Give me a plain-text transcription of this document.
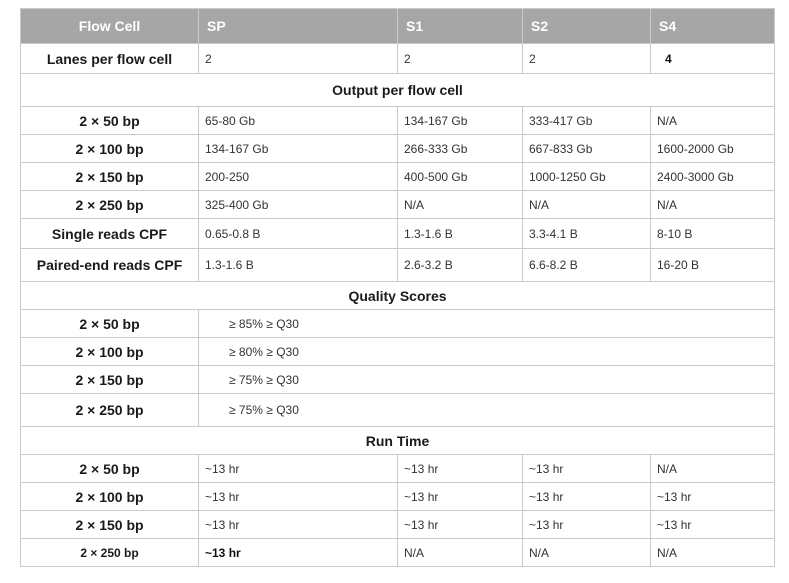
Flow Cell	SP	S1	S2	S4
Lanes per flow cell	2	2	2	4
Output per flow cell				
2 × 50 bp	65-80 Gb	134-167 Gb	333-417 Gb	N/A
2 × 100 bp	134-167 Gb	266-333 Gb	667-833 Gb	1600-2000 Gb
2 × 150 bp	200-250	400-500 Gb	1000-1250 Gb	2400-3000 Gb
2 × 250 bp	325-400 Gb	N/A	N/A	N/A
Single reads CPF	0.65-0.8 B	1.3-1.6 B	3.3-4.1 B	8-10 B
Paired-end reads CPF	1.3-1.6 B	2.6-3.2 B	6.6-8.2 B	16-20 B
Quality Scores				
2 × 50 bp	≥ 85% ≥ Q30			
2 × 100 bp	≥ 80% ≥ Q30			
2 × 150 bp	≥ 75% ≥ Q30			
2 × 250 bp	≥ 75% ≥ Q30			
Run Time				
2 × 50 bp	~13 hr	~13 hr	~13 hr	N/A
2 × 100 bp	~13 hr	~13 hr	~13 hr	~13 hr
2 × 150 bp	~13 hr	~13 hr	~13 hr	~13 hr
2 × 250 bp	~13 hr	N/A	N/A	N/A
